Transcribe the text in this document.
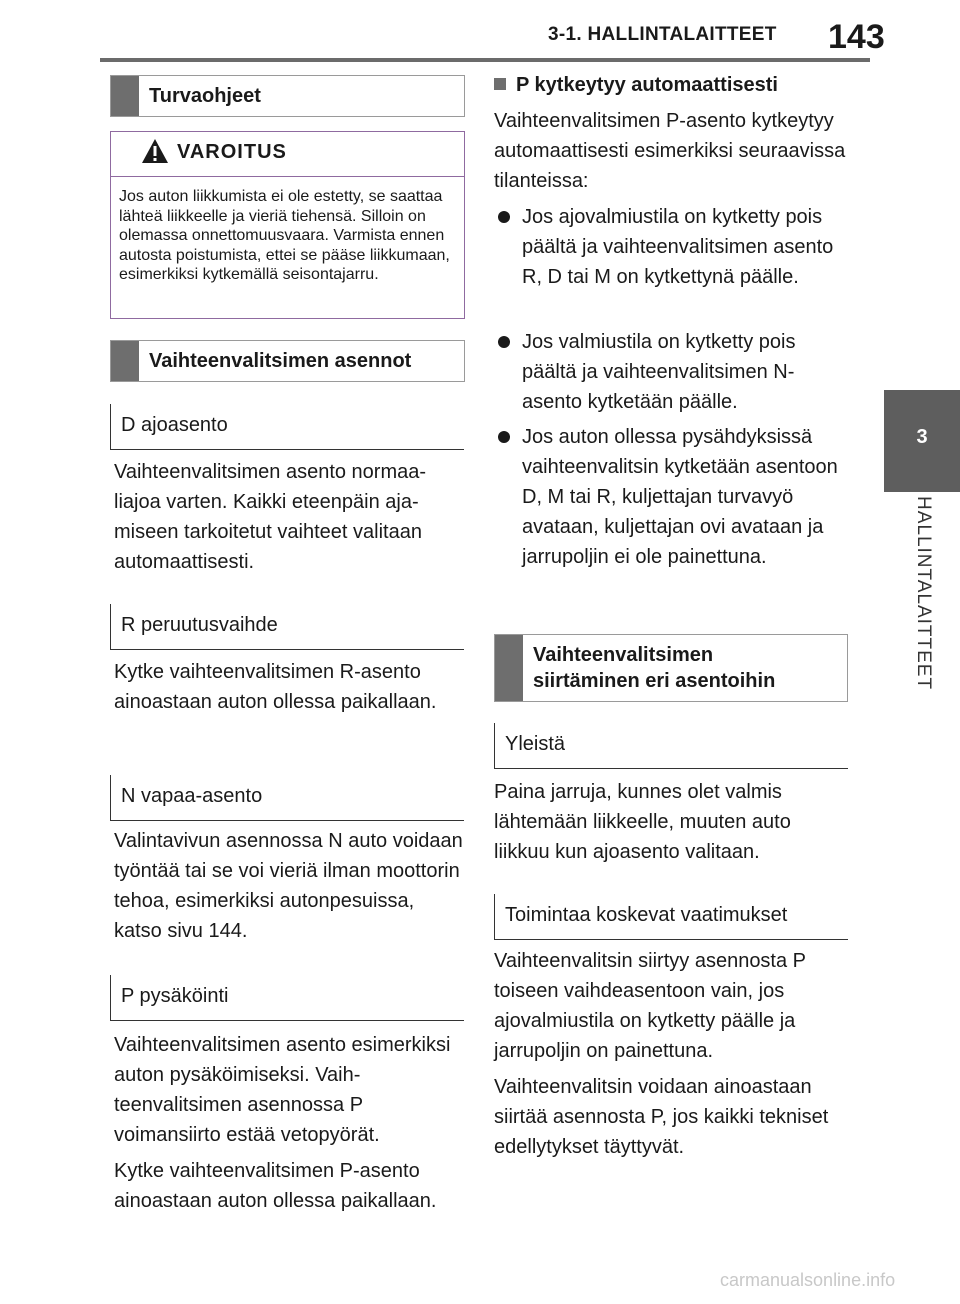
3-1. HALLINTALAITTEET 143
3
HALLINTALAITTEET
Turvaohjeet
VAROITUS
Jos auton liikkumista ei ole estetty, se saattaa lähteä liikkeelle ja vieriä tiehensä. Silloin on olemassa onnettomuusvaara. Varmista ennen autosta poistumista, ettei se pääse liikkumaan, esimerkiksi kytkemällä seisontajarru.
Vaihteenvalitsimen asennot
D ajoasento
Vaihteenvalitsimen asento normaaliajoa varten. Kaikki eteenpäin ajamiseen tarkoitetut vaihteet valitaan automaattisesti.
R peruutusvaihde
Kytke vaihteenvalitsimen R-asento ainoastaan auton ollessa paikallaan.
N vapaa-asento
Valintavivun asennossa N auto voidaan työntää tai se voi vieriä ilman moottorin tehoa, esimerkiksi autonpesuissa, katso sivu 144.
P pysäköinti
Vaihteenvalitsimen asento esimerkiksi auton pysäköimiseksi. Vaihteenvalitsimen asennossa P voimansiirto estää vetopyörät.
Kytke vaihteenvalitsimen P-asento ainoastaan auton ollessa paikallaan.
P kytkeytyy automaattisesti
Vaihteenvalitsimen P-asento kytkeytyy automaattisesti esimerkiksi seuraavissa tilanteissa:
Jos ajovalmiustila on kytketty pois päältä ja vaihteenvalitsimen asento R, D tai M on kytkettynä päälle.
Jos valmiustila on kytketty pois päältä ja vaihteenvalitsimen N-asento kytketään päälle.
Jos auton ollessa pysähdyksissä vaihteenvalitsin kytketään asentoon D, M tai R, kuljettajan turvavyö avataan, kuljettajan ovi avataan ja jarrupoljin ei ole painettuna.
Vaihteenvalitsimen
siirtäminen eri asentoihin
Yleistä
Paina jarruja, kunnes olet valmis lähtemään liikkeelle, muuten auto liikkuu kun ajoasento valitaan.
Toimintaa koskevat vaatimukset
Vaihteenvalitsin siirtyy asennosta P toiseen vaihdeasentoon vain, jos ajovalmiustila on kytketty päälle ja jarrupoljin on painettuna.
Vaihteenvalitsin voidaan ainoastaan siirtää asennosta P, jos kaikki tekniset edellytykset täyttyvät.
carmanualsonline.info
